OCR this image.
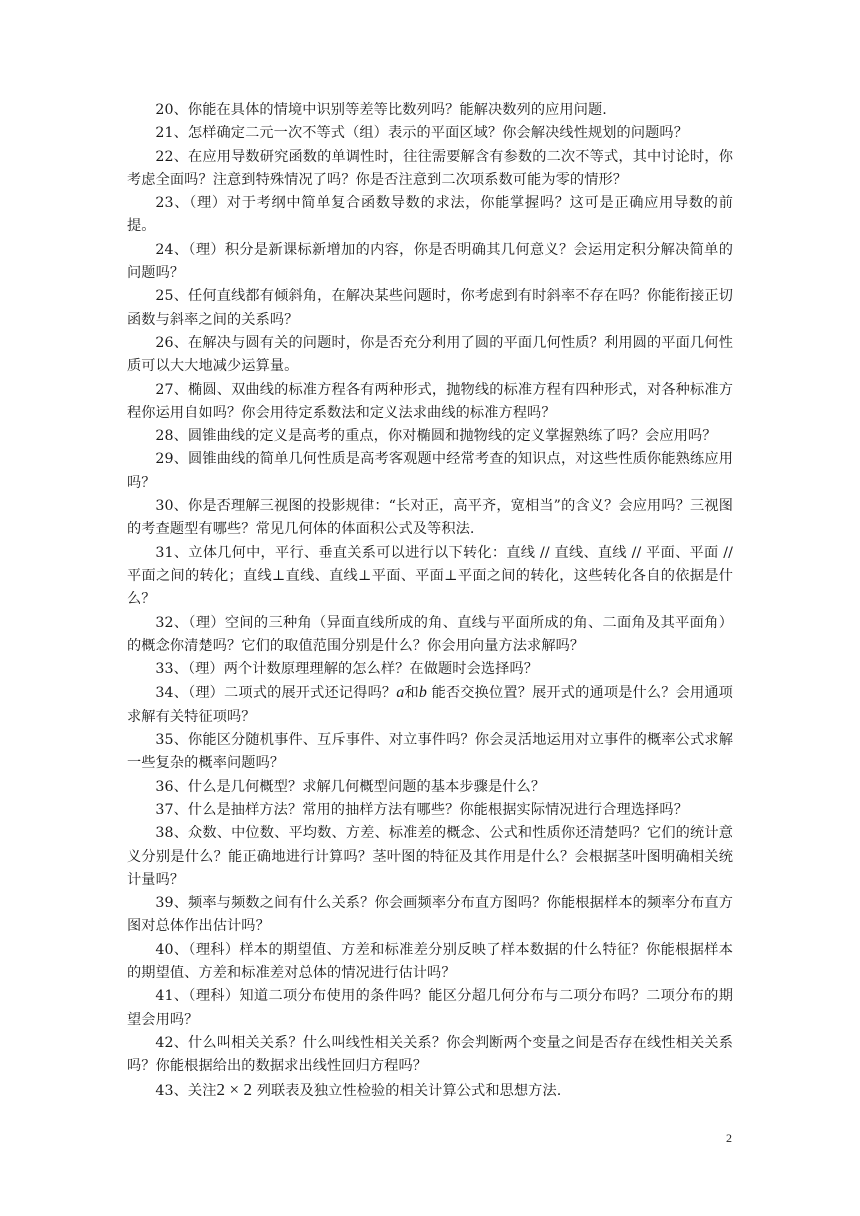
20、你能在具体的情境中识别等差等比数列吗？能解决数列的应用问题.

21、怎样确定二元一次不等式（组）表示的平面区域？你会解决线性规划的问题吗？

22、在应用导数研究函数的单调性时，往往需要解含有参数的二次不等式，其中讨论时，你考虑全面吗？注意到特殊情况了吗？你是否注意到二次项系数可能为零的情形？

23、（理）对于考纲中简单复合函数导数的求法，你能掌握吗？这可是正确应用导数的前提。

24、（理）积分是新课标新增加的内容，你是否明确其几何意义？会运用定积分解决简单的问题吗？

25、任何直线都有倾斜角，在解决某些问题时，你考虑到有时斜率不存在吗？你能衔接正切函数与斜率之间的关系吗？

26、在解决与圆有关的问题时，你是否充分利用了圆的平面几何性质？利用圆的平面几何性质可以大大地减少运算量。

27、椭圆、双曲线的标准方程各有两种形式，抛物线的标准方程有四种形式，对各种标准方程你运用自如吗？你会用待定系数法和定义法求曲线的标准方程吗？

28、圆锥曲线的定义是高考的重点，你对椭圆和抛物线的定义掌握熟练了吗？会应用吗？

29、圆锥曲线的简单几何性质是高考客观题中经常考查的知识点，对这些性质你能熟练应用吗？

30、你是否理解三视图的投影规律：“长对正，高平齐，宽相当”的含义？会应用吗？三视图的考查题型有哪些？常见几何体的体面积公式及等积法.

31、立体几何中，平行、垂直关系可以进行以下转化：直线 // 直线、直线 // 平面、平面 // 平面之间的转化；直线⊥直线、直线⊥平面、平面⊥平面之间的转化，这些转化各自的依据是什么？

32、（理）空间的三种角（异面直线所成的角、直线与平面所成的角、二面角及其平面角）的概念你清楚吗？它们的取值范围分别是什么？你会用向量方法求解吗？

33、（理）两个计数原理理解的怎么样？在做题时会选择吗？

34、（理）二项式的展开式还记得吗？a和b 能否交换位置？展开式的通项是什么？会用通项求解有关特征项吗？

35、你能区分随机事件、互斥事件、对立事件吗？你会灵活地运用对立事件的概率公式求解一些复杂的概率问题吗？

36、什么是几何概型？求解几何概型问题的基本步骤是什么？

37、什么是抽样方法？常用的抽样方法有哪些？你能根据实际情况进行合理选择吗？

38、众数、中位数、平均数、方差、标准差的概念、公式和性质你还清楚吗？它们的统计意义分别是什么？能正确地进行计算吗？茎叶图的特征及其作用是什么？会根据茎叶图明确相关统计量吗？

39、频率与频数之间有什么关系？你会画频率分布直方图吗？你能根据样本的频率分布直方图对总体作出估计吗？

40、（理科）样本的期望值、方差和标准差分别反映了样本数据的什么特征？你能根据样本的期望值、方差和标准差对总体的情况进行估计吗？

41、（理科）知道二项分布使用的条件吗？能区分超几何分布与二项分布吗？二项分布的期望会用吗？

42、什么叫相关关系？什么叫线性相关关系？你会判断两个变量之间是否存在线性相关关系吗？你能根据给出的数据求出线性回归方程吗？

43、关注2 × 2 列联表及独立性检验的相关计算公式和思想方法.

2
